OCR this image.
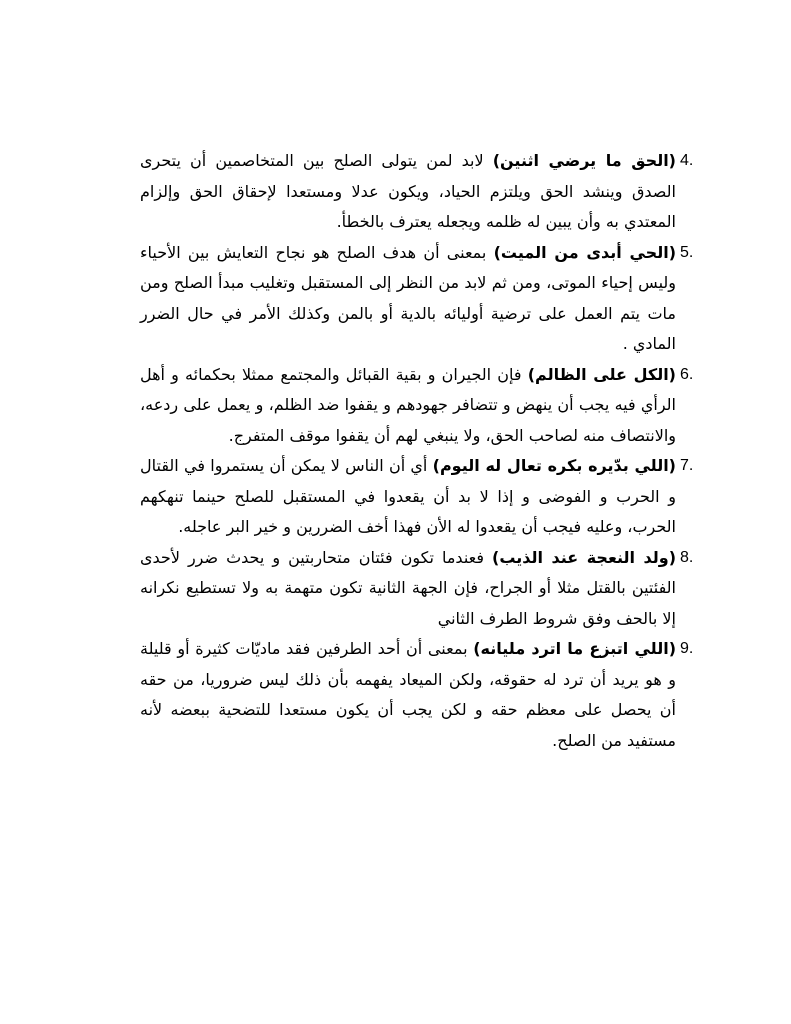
4.
(الحق ما يرضي اثنين) لابد لمن يتولى الصلح بين المتخاصمين أن يتحرى الصدق وينشد الحق ويلتزم الحياد، ويكون عدلا ومستعدا لإحقاق الحق وإلزام المعتدي به وأن يبين له ظلمه ويجعله يعترف بالخطأ.
5.
(الحي أبدى من الميت) بمعنى أن هدف الصلح هو نجاح التعايش بين الأحياء وليس إحياء الموتى، ومن ثم لابد من النظر إلى المستقبل وتغليب مبدأ الصلح ومن مات يتم العمل على ترضية أوليائه بالدية أو بالمن وكذلك الأمر في حال الضرر المادي .
6.
(الكل على الظالم) فإن الجيران و بقية القبائل والمجتمع ممثلا بحكمائه و أهل الرأي فيه يجب أن ينهض و تتضافر جهودهم و يقفوا ضد الظلم، و يعمل على ردعه، والانتصاف منه لصاحب الحق، ولا ينبغي لهم أن يقفوا موقف المتفرج.
7.
(اللي بدّيره بكره تعال له اليوم) أي أن الناس لا يمكن أن يستمروا في القتال و الحرب و الفوضى و إذا لا بد أن يقعدوا في المستقبل للصلح حينما تنهكهم الحرب، وعليه فيجب أن يقعدوا له الأن فهذا أخف الضررين و خير البر عاجله.
8.
(ولد النعجة عند الذيب) فعندما تكون فئتان متحاربتين و يحدث ضرر لأحدى الفئتين بالقتل مثلا أو الجراح، فإن الجهة الثانية تكون متهمة به ولا تستطيع نكرانه إلا بالحف وفق شروط الطرف الثاني
9.
(اللي اتبزع ما اترد مليانه) بمعنى أن أحد الطرفين فقد ماديّات كثيرة أو قليلة و هو يريد أن ترد له حقوقه، ولكن الميعاد يفهمه بأن ذلك ليس ضروريا، من حقه أن يحصل على معظم حقه و لكن يجب أن يكون مستعدا للتضحية ببعضه لأنه مستفيد من الصلح.
